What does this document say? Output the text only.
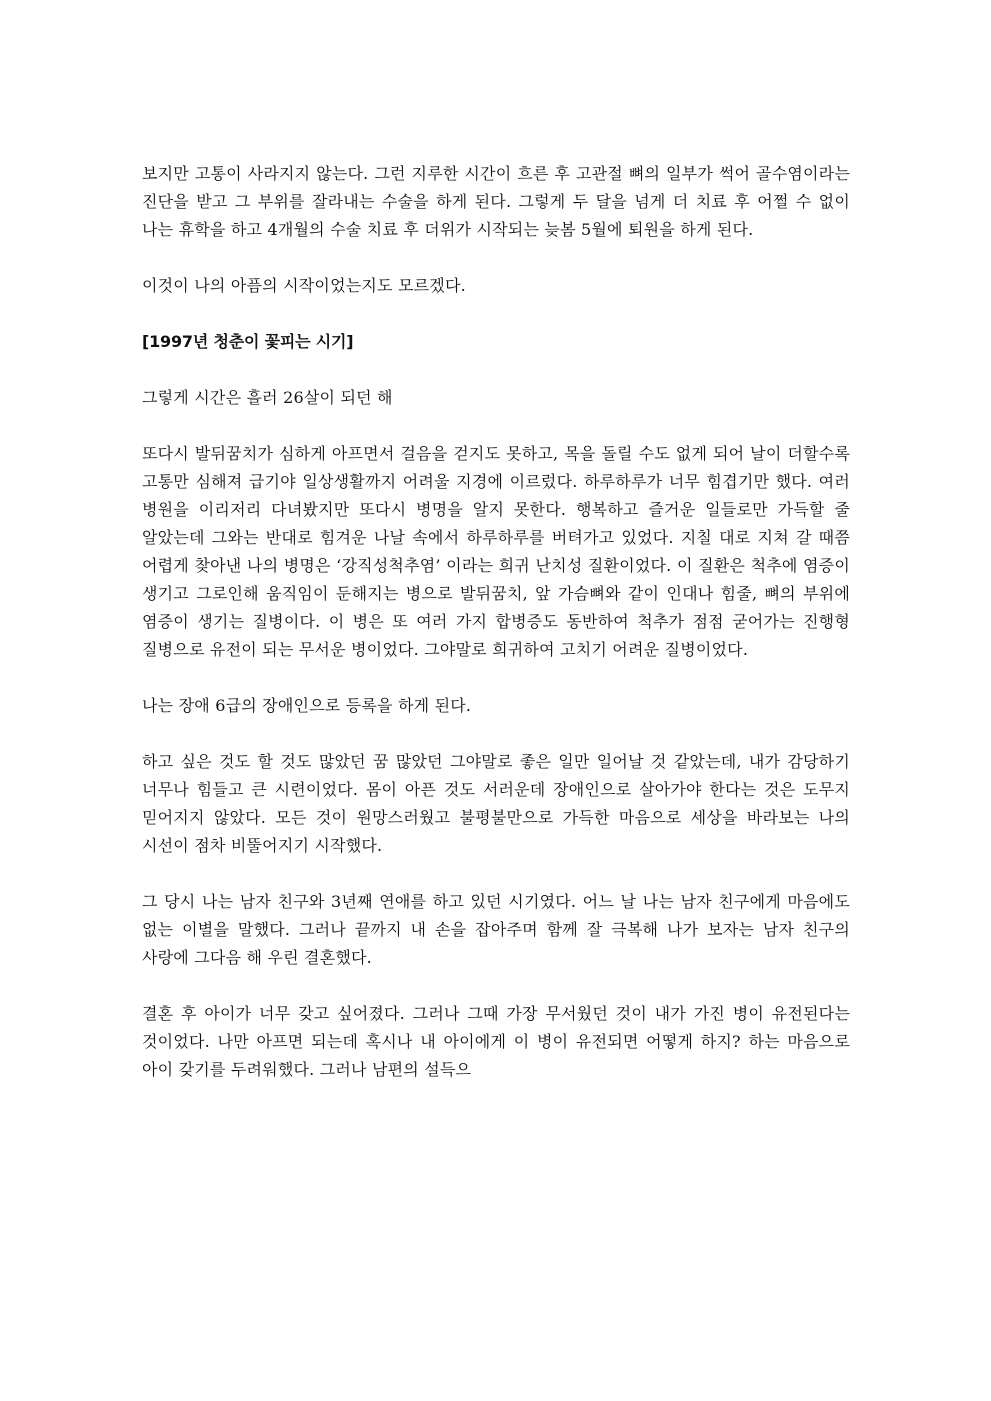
보지만 고통이 사라지지 않는다. 그런 지루한 시간이 흐른 후 고관절 뼈의 일부가 썩어 골수염이라는 진단을 받고 그 부위를 잘라내는 수술을 하게 된다. 그렇게 두 달을 넘게 더 치료 후 어쩔 수 없이 나는 휴학을 하고 4개월의 수술 치료 후 더위가 시작되는 늦봄 5월에 퇴원을 하게 된다.

이것이 나의 아픔의 시작이었는지도 모르겠다.

[1997년 청춘이 꽃피는 시기]

그렇게 시간은 흘러 26살이 되던 해

또다시 발뒤꿈치가 심하게 아프면서 걸음을 걷지도 못하고, 목을 돌릴 수도 없게 되어 날이 더할수록 고통만 심해져 급기야 일상생활까지 어려울 지경에 이르렀다. 하루하루가 너무 힘겹기만 했다. 여러 병원을 이리저리 다녀봤지만 또다시 병명을 알지 못한다. 행복하고 즐거운 일들로만 가득할 줄 알았는데 그와는 반대로 힘겨운 나날 속에서 하루하루를 버텨가고 있었다. 지칠 대로 지쳐 갈 때쯤 어렵게 찾아낸 나의 병명은 ‘강직성척추염’ 이라는 희귀 난치성 질환이었다. 이 질환은 척추에 염증이 생기고 그로인해 움직임이 둔해지는 병으로 발뒤꿈치, 앞 가슴뼈와 같이 인대나 힘줄, 뼈의 부위에 염증이 생기는 질병이다. 이 병은 또 여러 가지 합병증도 동반하여 척추가 점점 굳어가는 진행형 질병으로 유전이 되는 무서운 병이었다. 그야말로 희귀하여 고치기 어려운 질병이었다.

나는 장애 6급의 장애인으로 등록을 하게 된다.

하고 싶은 것도 할 것도 많았던 꿈 많았던 그야말로 좋은 일만 일어날 것 같았는데, 내가 감당하기 너무나 힘들고 큰 시련이었다. 몸이 아픈 것도 서러운데 장애인으로 살아가야 한다는 것은 도무지 믿어지지 않았다. 모든 것이 원망스러웠고 불평불만으로 가득한 마음으로 세상을 바라보는 나의 시선이 점차 비뚤어지기 시작했다.

그 당시 나는 남자 친구와 3년째 연애를 하고 있던 시기였다. 어느 날 나는 남자 친구에게 마음에도 없는 이별을 말했다. 그러나 끝까지 내 손을 잡아주며 함께 잘 극복해 나가 보자는 남자 친구의 사랑에 그다음 해 우린 결혼했다.

결혼 후 아이가 너무 갖고 싶어졌다. 그러나 그때 가장 무서웠던 것이 내가 가진 병이 유전된다는 것이었다. 나만 아프면 되는데 혹시나 내 아이에게 이 병이 유전되면 어떻게 하지? 하는 마음으로 아이 갖기를 두려워했다. 그러나 남편의 설득으
